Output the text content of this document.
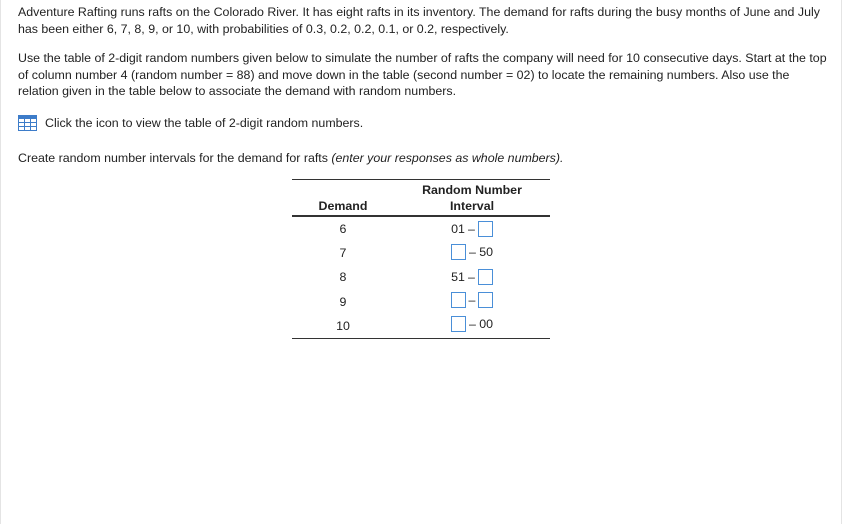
Adventure Rafting runs rafts on the Colorado River. It has eight rafts in its inventory. The demand for rafts during the busy months of June and July has been either 6, 7, 8, 9, or 10, with probabilities of 0.3, 0.2, 0.2, 0.1, or 0.2, respectively.

Use the table of 2-digit random numbers given below to simulate the number of rafts the company will need for 10 consecutive days. Start at the top of column number 4 (random number = 88) and move down in the table (second number = 02) to locate the remaining numbers. Also use the relation given in the table below to associate the demand with random numbers.

Click the icon to view the table of 2-digit random numbers.

Create random number intervals for the demand for rafts (enter your responses as whole numbers).

Demand	Random Number
Interval
6	01 –

7	– 50

8	51 –

9	–

10	– 00
